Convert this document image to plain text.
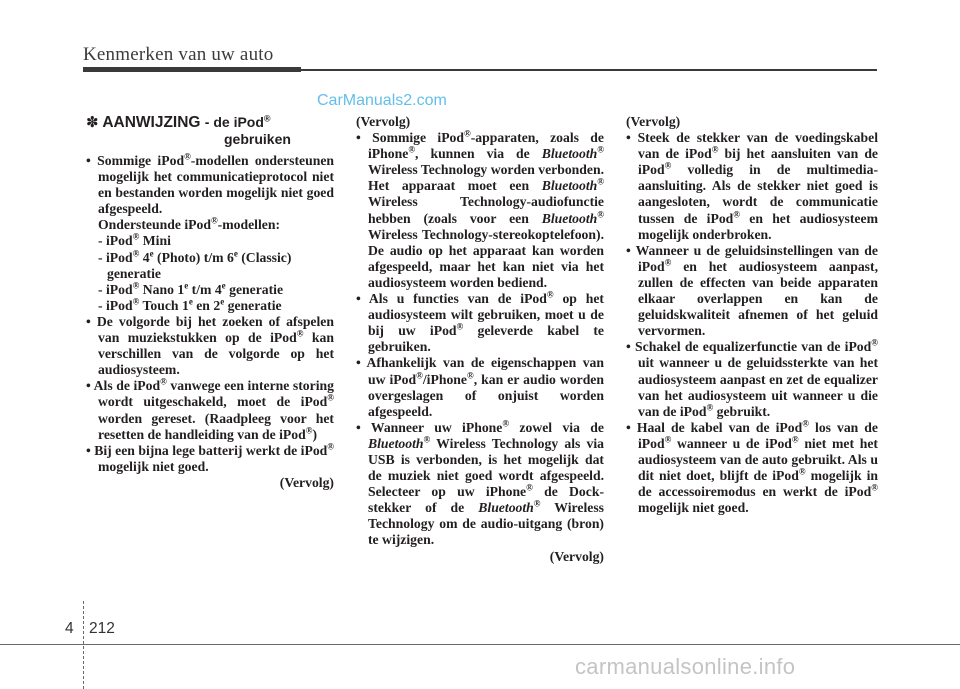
Kenmerken van uw auto
CarManuals2.com

✽ AANWIJZING - de iPod®

gebruiken

• Sommige iPod®-modellen ondersteunen mogelijk het communicatieprotocol niet en bestanden worden mogelijk niet goed afgespeeld.

Ondersteunde iPod®-modellen:

- iPod® Mini

- iPod® 4e (Photo) t/m 6e (Classic)

generatie

- iPod® Nano 1e t/m 4e generatie

- iPod® Touch 1e en 2e generatie

• De volgorde bij het zoeken of afspelen van muziekstukken op de iPod® kan verschillen van de volgorde op het audiosysteem.

• Als de iPod® vanwege een interne storing wordt uitgeschakeld, moet de iPod® worden gereset. (Raadpleeg voor het resetten de handleiding van de iPod®)

• Bij een bijna lege batterij werkt de iPod® mogelijk niet goed.

(Vervolg)

(Vervolg)

• Sommige iPod®-apparaten, zoals de iPhone®, kunnen via de Bluetooth® Wireless Technology worden verbonden. Het apparaat moet een Bluetooth® Wireless Technology-audiofunctie hebben (zoals voor een Bluetooth® Wireless Technology-stereokoptelefoon). De audio op het apparaat kan worden afgespeeld, maar het kan niet via het audiosysteem worden bediend.

• Als u functies van de iPod® op het audiosysteem wilt gebruiken, moet u de bij uw iPod® geleverde kabel te gebruiken.

• Afhankelijk van de eigenschappen van uw iPod®/iPhone®, kan er audio worden overgeslagen of onjuist worden afgespeeld.

• Wanneer uw iPhone® zowel via de Bluetooth® Wireless Technology als via USB is verbonden, is het mogelijk dat de muziek niet goed wordt afgespeeld. Selecteer op uw iPhone® de Dock-stekker of de Bluetooth® Wireless Technology om de audio-uitgang (bron) te wijzigen.

(Vervolg)

(Vervolg)

• Steek de stekker van de voedingskabel van de iPod® bij het aansluiten van de iPod® volledig in de multimedia-aansluiting. Als de stekker niet goed is aangesloten, wordt de communicatie tussen de iPod® en het audiosysteem mogelijk onderbroken.

• Wanneer u de geluidsinstellingen van de iPod® en het audiosysteem aanpast, zullen de effecten van beide apparaten elkaar overlappen en kan de geluidskwaliteit afnemen of het geluid vervormen.

• Schakel de equalizerfunctie van de iPod® uit wanneer u de geluidssterkte van het audiosysteem aanpast en zet de equalizer van het audiosysteem uit wanneer u die van de iPod® gebruikt.

• Haal de kabel van de iPod® los van de iPod® wanneer u de iPod® niet met het audiosysteem van de auto gebruikt. Als u dit niet doet, blijft de iPod® mogelijk in de accessoiremodus en werkt de iPod® mogelijk niet goed.

4 212
carmanualsonline.info
